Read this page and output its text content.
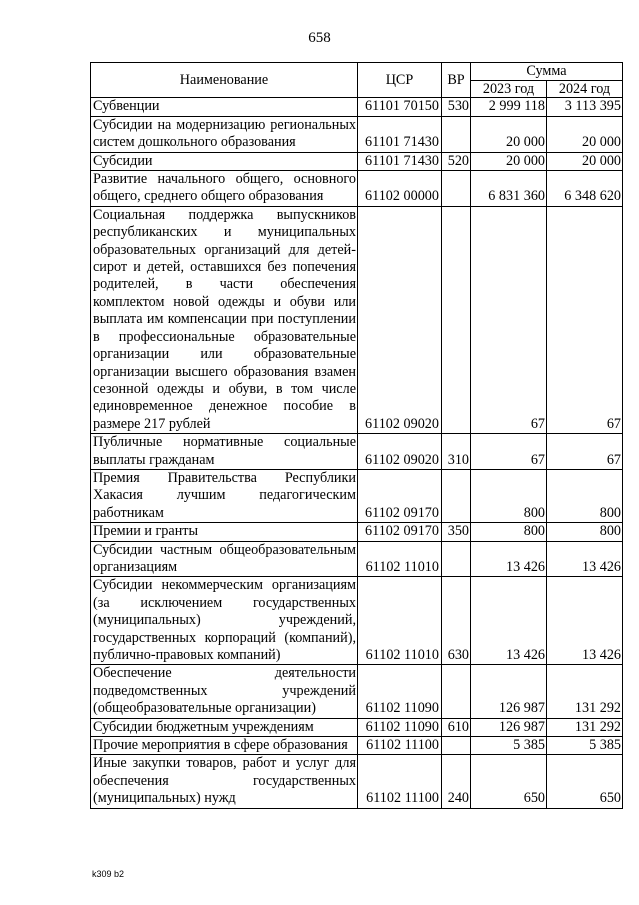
658
Наименование	ЦСР	ВР	Сумма	
			2023 год	2024 год
Субвенции	61101 70150	530	2 999 118	3 113 395
Субсидии на модернизацию региональных систем дошкольного образования	61101 71430		20 000	20 000
Субсидии	61101 71430	520	20 000	20 000
Развитие начального общего, основного общего, среднего общего образования	61102 00000		6 831 360	6 348 620
Социальная поддержка выпускников республиканских и муниципальных образовательных организаций для детей-сирот и детей, оставшихся без попечения родителей, в части обеспечения комплектом новой одежды и обуви или выплата им компенсации при поступлении в профессиональные образовательные организации или образовательные организации высшего образования взамен сезонной одежды и обуви, в том числе единовременное денежное пособие в размере 217 рублей	61102 09020		67	67
Публичные нормативные социальные выплаты гражданам	61102 09020	310	67	67
Премия Правительства Республики Хакасия лучшим педагогическим работникам	61102 09170		800	800
Премии и гранты	61102 09170	350	800	800
Субсидии частным общеобразовательным организациям	61102 11010		13 426	13 426
Субсидии некоммерческим организациям (за исключением государственных (муниципальных) учреждений, государственных корпораций (компаний), публично-правовых компаний)	61102 11010	630	13 426	13 426
Обеспечение деятельности подведомственных учреждений (общеобразовательные организации)	61102 11090		126 987	131 292
Субсидии бюджетным учреждениям	61102 11090	610	126 987	131 292
Прочие мероприятия в сфере образования	61102 11100		5 385	5 385
Иные закупки товаров, работ и услуг для обеспечения государственных (муниципальных) нужд	61102 11100	240	650	650
k309 b2
